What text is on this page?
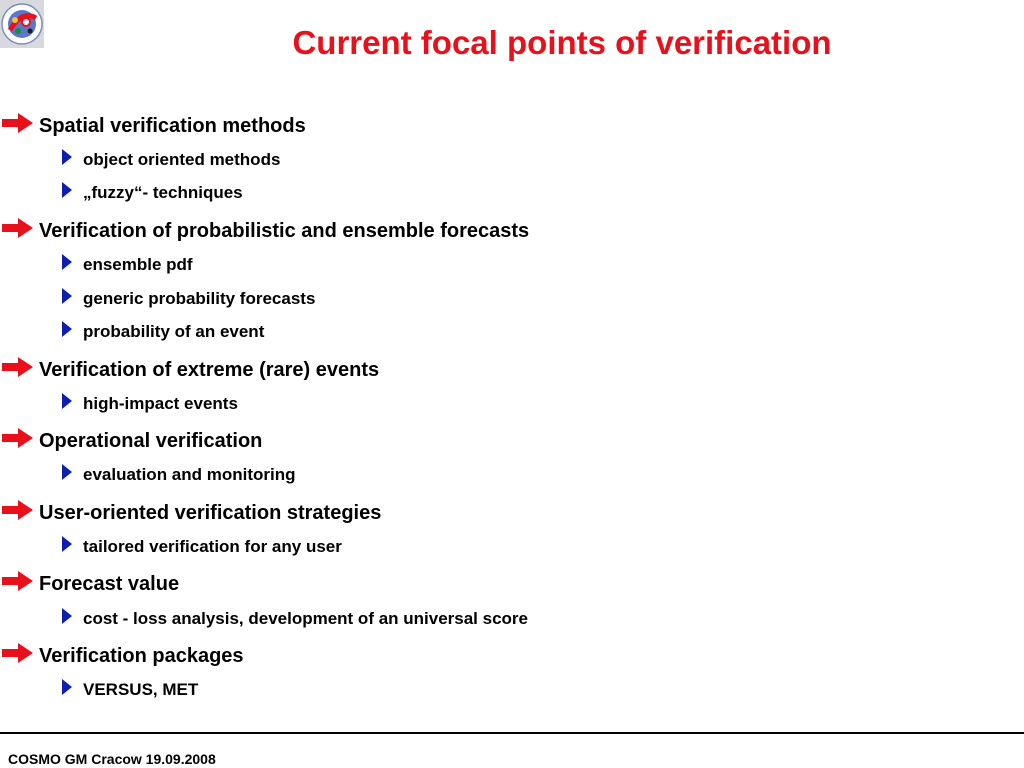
Current focal points of verification
Spatial verification methods
object oriented methods
„fuzzy“- techniques
Verification of probabilistic and ensemble forecasts
ensemble pdf
generic probability forecasts
probability of an event
Verification of extreme (rare) events
high-impact events
Operational verification
evaluation and monitoring
User-oriented verification strategies
tailored verification for any user
Forecast value
cost - loss analysis, development of an universal score
Verification packages
VERSUS, MET
COSMO GM Cracow 19.09.2008
